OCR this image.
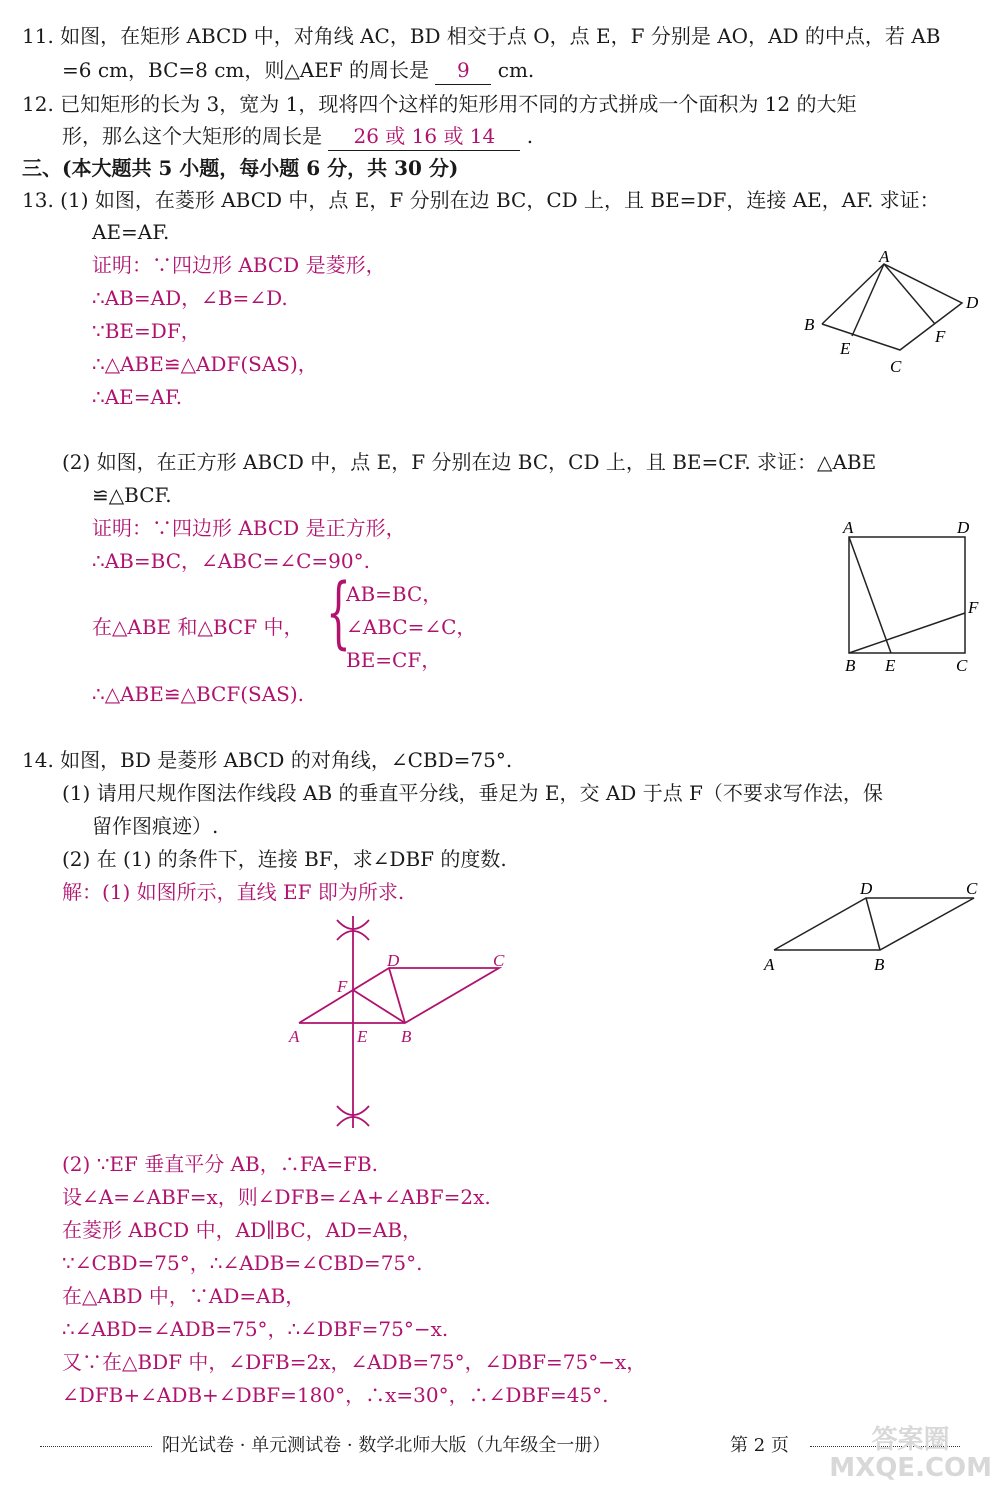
11. 如图，在矩形 ABCD 中，对角线 AC，BD 相交于点 O，点 E，F 分别是 AO，AD 的中点，若 AB
=6 cm，BC=8 cm，则△AEF 的周长是 9 cm.
12. 已知矩形的长为 3，宽为 1，现将四个这样的矩形用不同的方式拼成一个面积为 12 的大矩
形，那么这个大矩形的周长是 26 或 16 或 14 .
三、(本大题共 5 小题，每小题 6 分，共 30 分)
13. (1) 如图，在菱形 ABCD 中，点 E，F 分别在边 BC，CD 上，且 BE=DF，连接 AE，AF. 求证：
AE=AF.
证明：∵四边形 ABCD 是菱形，
∴AB=AD，∠B=∠D.
∵BE=DF，
∴△ABE≌△ADF(SAS)，
∴AE=AF.
A
B
C
D
E
F
(2) 如图，在正方形 ABCD 中，点 E，F 分别在边 BC，CD 上，且 BE=CF. 求证：△ABE
≌△BCF.
证明：∵四边形 ABCD 是正方形，
∴AB=BC，∠ABC=∠C=90°.
在△ABE 和△BCF 中， {
AB=BC，
∠ABC=∠C，
BE=CF，
∴△ABE≌△BCF(SAS).
A	D
F
B E	C
14. 如图，BD 是菱形 ABCD 的对角线，∠CBD=75°.
(1) 请用尺规作图法作线段 AB 的垂直平分线，垂足为 E，交 AD 于点 F（不要求写作法，保
留作图痕迹）.
(2) 在 (1) 的条件下，连接 BF，求∠DBF 的度数.
解：(1) 如图所示，直线 EF 即为所求.	D	C
A	B
D	C
F
A	E B
(2) ∵EF 垂直平分 AB，∴FA=FB.
设∠A=∠ABF=x，则∠DFB=∠A+∠ABF=2x.
在菱形 ABCD 中，AD∥BC，AD=AB，
∵∠CBD=75°，∴∠ADB=∠CBD=75°.
在△ABD 中，∵AD=AB，
∴∠ABD=∠ADB=75°，∴∠DBF=75°−x.
又∵在△BDF 中，∠DFB=2x，∠ADB=75°，∠DBF=75°−x，
∠DFB+∠ADB+∠DBF=180°，∴x=30°，∴∠DBF=45°.
阳光试卷 · 单元测试卷 · 数学北师大版（九年级全一册）	第 2 页	答案圈
MXQE.COM
